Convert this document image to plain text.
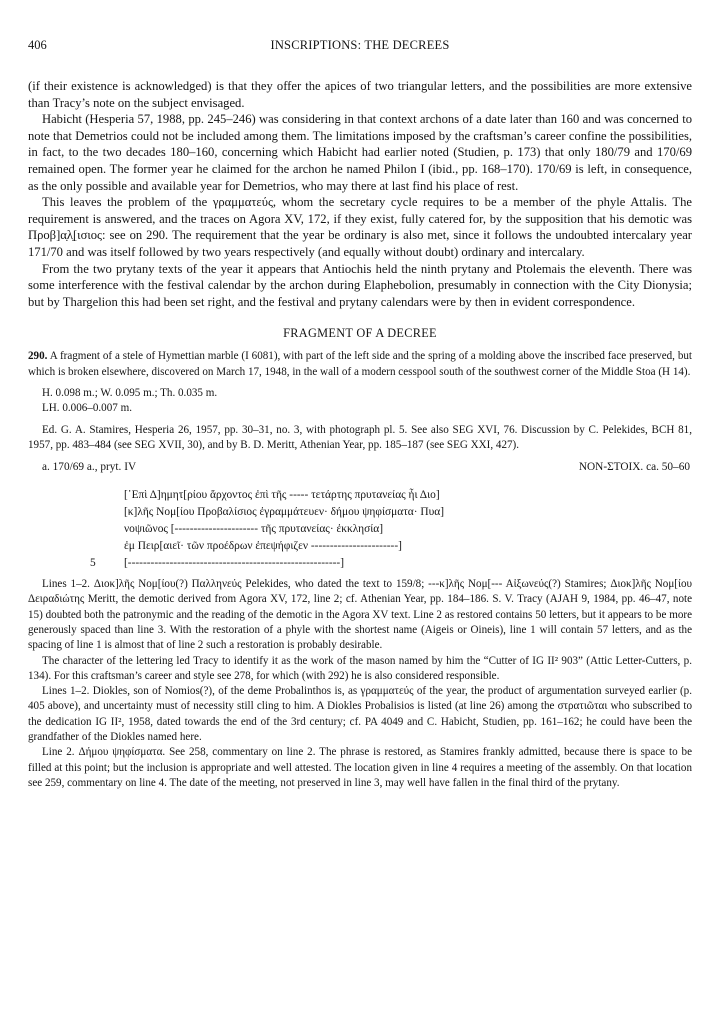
406	INSCRIPTIONS: THE DECREES

(if their existence is acknowledged) is that they offer the apices of two triangular letters, and the possibilities are more extensive than Tracy’s note on the subject envisaged.

Habicht (Hesperia 57, 1988, pp. 245–246) was considering in that context archons of a date later than 160 and was concerned to note that Demetrios could not be included among them. The limitations imposed by the craftsman’s career confine the possibilities, in fact, to the two decades 180–160, concerning which Habicht had earlier noted (Studien, p. 173) that only 180/79 and 170/69 remained open. The former year he claimed for the archon he named Philon I (ibid., pp. 168–170). 170/69 is left, in consequence, as the only possible and available year for Demetrios, who may there at last find his place of rest.

This leaves the problem of the γραμματεύς, whom the secretary cycle requires to be a member of the phyle Attalis. The requirement is answered, and the traces on Agora XV, 172, if they exist, fully catered for, by the supposition that his demotic was Προβ]α̣λ̣[ισιος: see on 290. The requirement that the year be ordinary is also met, since it follows the undoubted intercalary year 171/70 and was itself followed by two years respectively (and equally without doubt) ordinary and intercalary.

From the two prytany texts of the year it appears that Antiochis held the ninth prytany and Ptolemais the eleventh. There was some interference with the festival calendar by the archon during Elaphebolion, presumably in connection with the City Dionysia; but by Thargelion this had been set right, and the festival and prytany calendars were by then in evident correspondence.

FRAGMENT OF A DECREE

290. A fragment of a stele of Hymettian marble (I 6081), with part of the left side and the spring of a molding above the inscribed face preserved, but which is broken elsewhere, discovered on March 17, 1948, in the wall of a modern cesspool south of the southwest corner of the Middle Stoa (H 14).

H. 0.098 m.; W. 0.095 m.; Th. 0.035 m.
LH. 0.006–0.007 m.

Ed. G. A. Stamires, Hesperia 26, 1957, pp. 30–31, no. 3, with photograph pl. 5. See also SEG XVI, 76. Discussion by C. Pelekides, BCH 81, 1957, pp. 483–484 (see SEG XVII, 30), and by B. D. Meritt, Athenian Year, pp. 185–187 (see SEG XXI, 427).

a. 170/69 a., pryt. IV	NON-ΣΤΟΙΧ. ca. 50–60
[᾿Επὶ Δ]ημητ[ρίου ἄρχοντος ἐπὶ τῆς ----- τετάρτης πρυτανείας ἧι Διο]
[κ]λῆς Νομ[ίου Προβαλίσιος ἐγραμμάτευεν· δήμου ψηφίσματα· Πυα]
νοψιῶνος [---------------------- τῆς πρυτανείας· ἐκκλησία]
ἐμ Πειρ[αιεῖ· τῶν προέδρων ἐπεψήφιζεν -----------------------]
5 [--------------------------------------------------------]

Lines 1–2. Διοκ]λῆς Νομ[ίου(?) Παλληνεύς Pelekides, who dated the text to 159/8; ---κ]λῆς Νομ[--- Αἰξωνεύς(?) Stamires; Διοκ]λῆς Νομ[ίου Δειραδιώτης Meritt, the demotic derived from Agora XV, 172, line 2; cf. Athenian Year, pp. 184–186. S. V. Tracy (AJAH 9, 1984, pp. 46–47, note 15) doubted both the patronymic and the reading of the demotic in the Agora XV text. Line 2 as restored contains 50 letters, but it appears to be more generously spaced than line 3. With the restoration of a phyle with the shortest name (Aigeis or Oineis), line 1 will contain 57 letters, and as the spacing of line 1 is almost that of line 2 such a restoration is probably desirable.

The character of the lettering led Tracy to identify it as the work of the mason named by him the “Cutter of IG II² 903” (Attic Letter-Cutters, p. 134). For this craftsman’s career and style see 278, for which (with 292) he is also considered responsible.

Lines 1–2. Diokles, son of Nomios(?), of the deme Probalinthos is, as γραμματεύς of the year, the product of argumentation surveyed earlier (p. 405 above), and uncertainty must of necessity still cling to him. A Diokles Probalisios is listed (at line 26) among the στρατιῶται who subscribed to the dedication IG II², 1958, dated towards the end of the 3rd century; cf. PA 4049 and C. Habicht, Studien, pp. 161–162; he could have been the grandfather of the Diokles named here.

Line 2. Δήμου ψηφίσματα. See 258, commentary on line 2. The phrase is restored, as Stamires frankly admitted, because there is space to be filled at this point; but the inclusion is appropriate and well attested. The location given in line 4 requires a meeting of the assembly. On that location see 259, commentary on line 4. The date of the meeting, not preserved in line 3, may well have fallen in the final third of the prytany.
